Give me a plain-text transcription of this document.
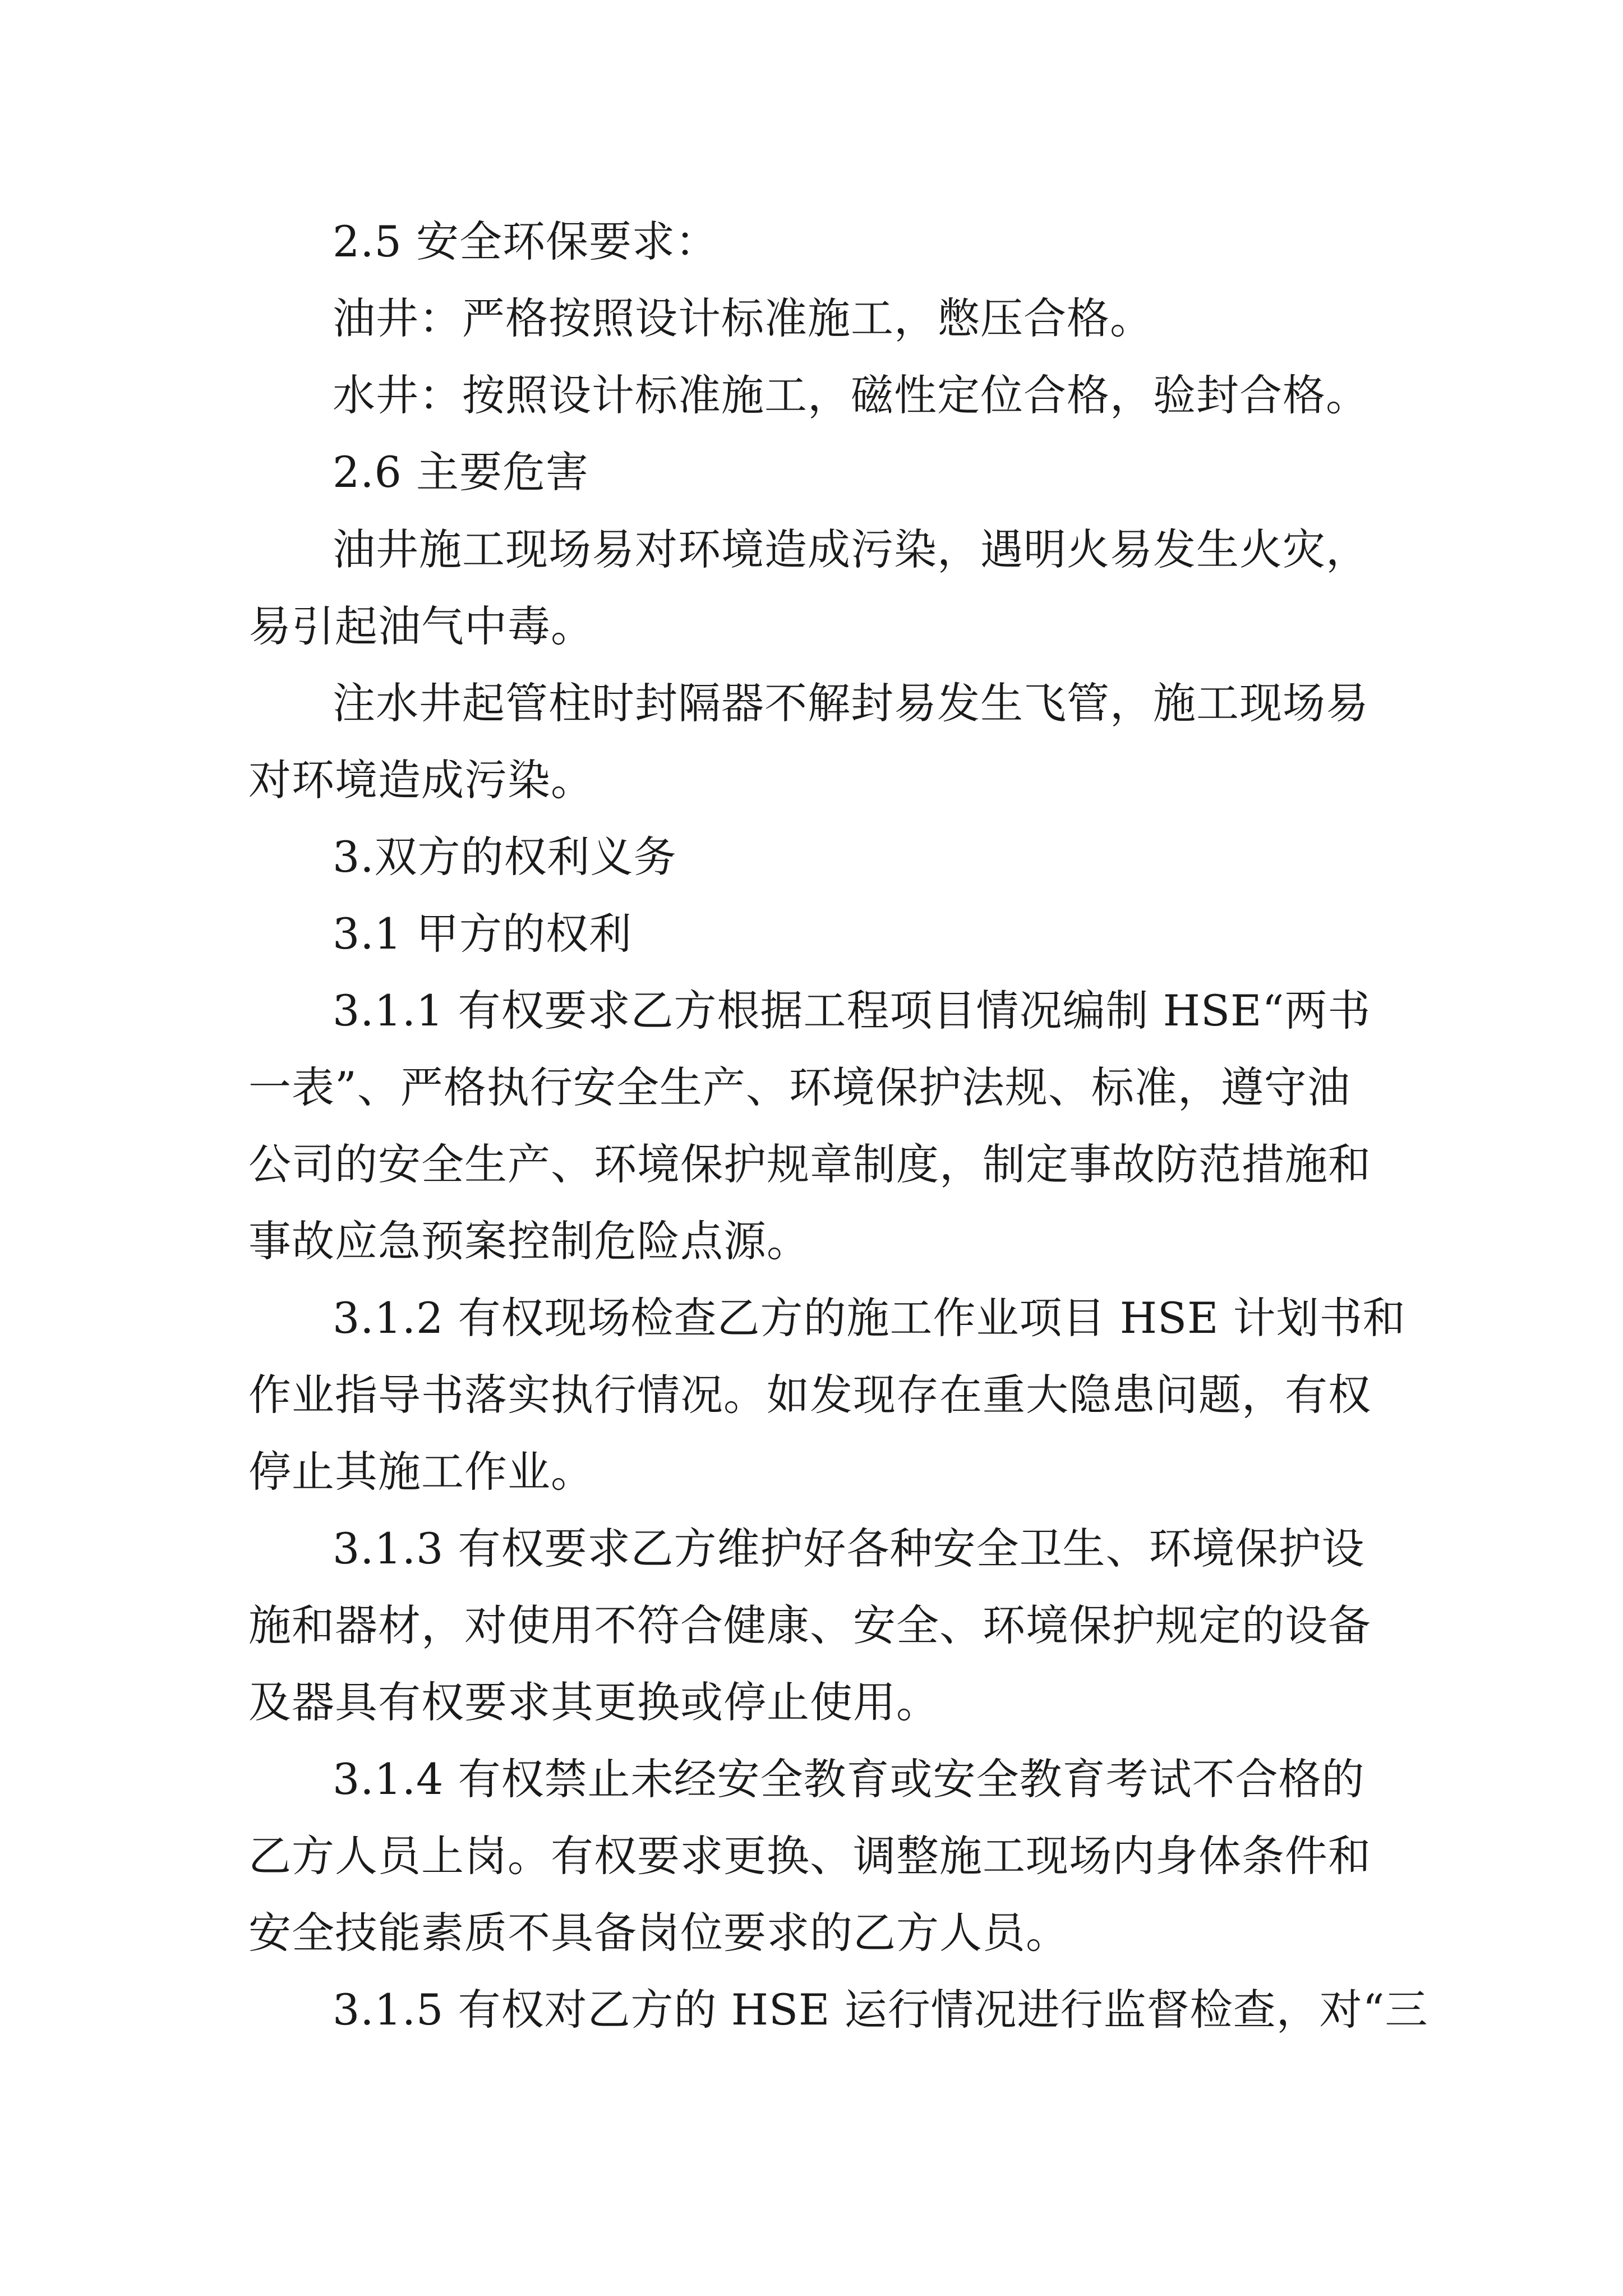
2.5 安全环保要求：
油井：严格按照设计标准施工，憋压合格。
水井：按照设计标准施工，磁性定位合格，验封合格。
2.6 主要危害
油井施工现场易对环境造成污染，遇明火易发生火灾，
易引起油气中毒。
注水井起管柱时封隔器不解封易发生飞管，施工现场易
对环境造成污染。
3.双方的权利义务
3.1 甲方的权利
3.1.1 有权要求乙方根据工程项目情况编制 HSE“两书
一表”、严格执行安全生产、环境保护法规、标准，遵守油
公司的安全生产、环境保护规章制度，制定事故防范措施和
事故应急预案控制危险点源。
3.1.2 有权现场检查乙方的施工作业项目 HSE 计划书和
作业指导书落实执行情况。如发现存在重大隐患问题，有权
停止其施工作业。
3.1.3 有权要求乙方维护好各种安全卫生、环境保护设
施和器材，对使用不符合健康、安全、环境保护规定的设备
及器具有权要求其更换或停止使用。
3.1.4 有权禁止未经安全教育或安全教育考试不合格的
乙方人员上岗。有权要求更换、调整施工现场内身体条件和
安全技能素质不具备岗位要求的乙方人员。
3.1.5 有权对乙方的 HSE 运行情况进行监督检查，对“三
